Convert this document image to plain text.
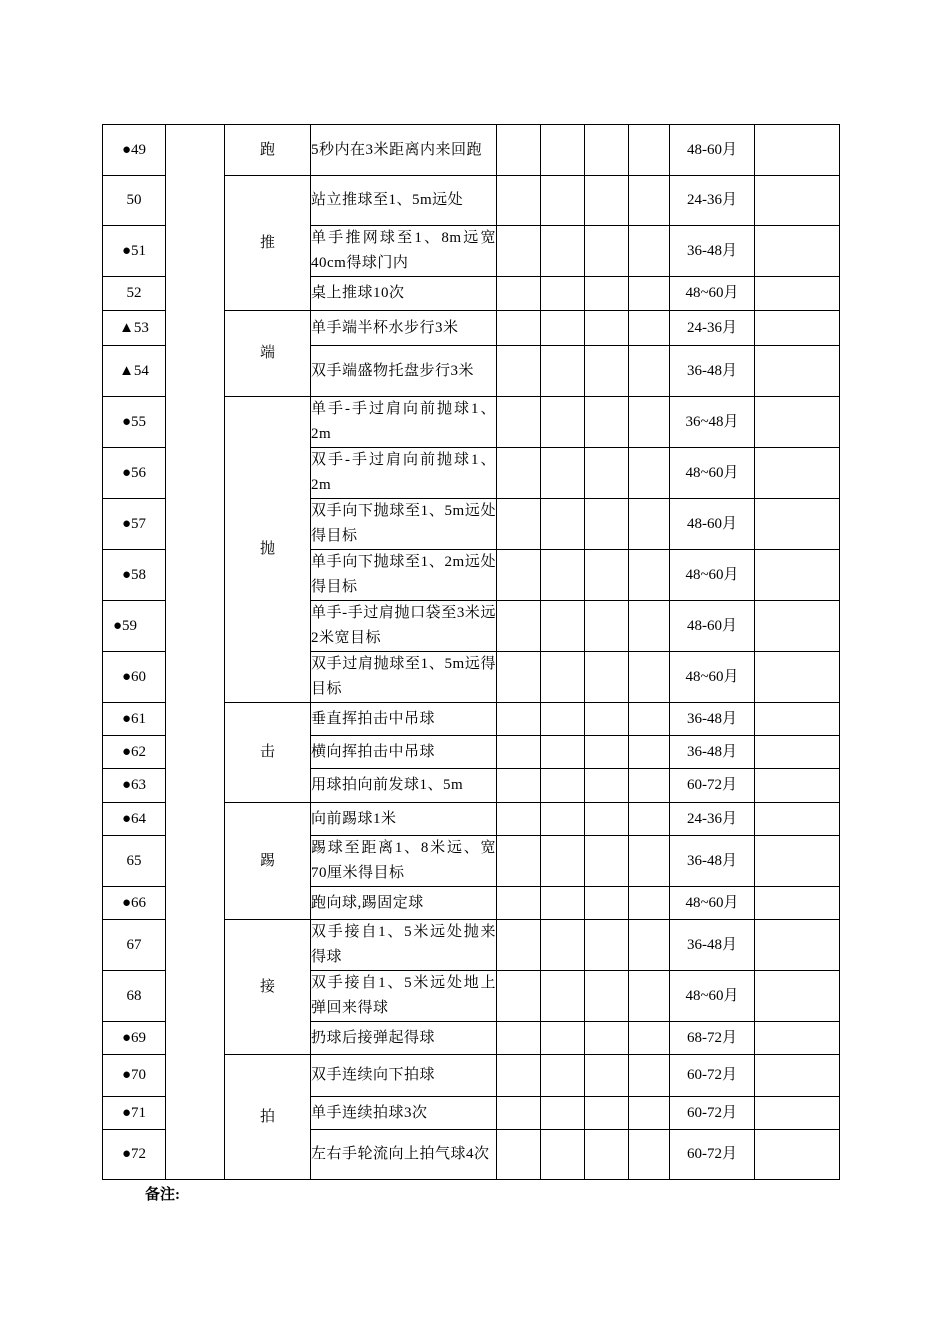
●49		跑	5秒内在3米距离内来回跑					48-60月	
50		推	站立推球至1、5m远处					24-36月	
●51			单手推网球至1、8m远宽40cm得球门内					36-48月	
52			桌上推球10次					48~60月	
▲53		端	单手端半杯水步行3米					24-36月	
▲54			双手端盛物托盘步行3米					36-48月	
●55		抛	单手-手过肩向前抛球1、2m					36~48月	
●56			双手-手过肩向前抛球1、2m					48~60月	
●57			双手向下抛球至1、5m远处得目标					48-60月	
●58			单手向下抛球至1、2m远处得目标					48~60月	
●59			单手-手过肩抛口袋至3米远2米宽目标					48-60月	
●60			双手过肩抛球至1、5m远得目标					48~60月	
●61		击	垂直挥拍击中吊球					36-48月	
●62			横向挥拍击中吊球					36-48月	
●63			用球拍向前发球1、5m					60-72月	
●64		踢	向前踢球1米					24-36月	
65			踢球至距离1、8米远、宽70厘米得目标					36-48月	
●66			跑向球,踢固定球					48~60月	
67		接	双手接自1、5米远处抛来得球					36-48月	
68			双手接自1、5米远处地上弹回来得球					48~60月	
●69			扔球后接弹起得球					68-72月	
●70		拍	双手连续向下拍球					60-72月	
●71			单手连续拍球3次					60-72月	
●72			左右手轮流向上拍气球4次					60-72月	
备注:
